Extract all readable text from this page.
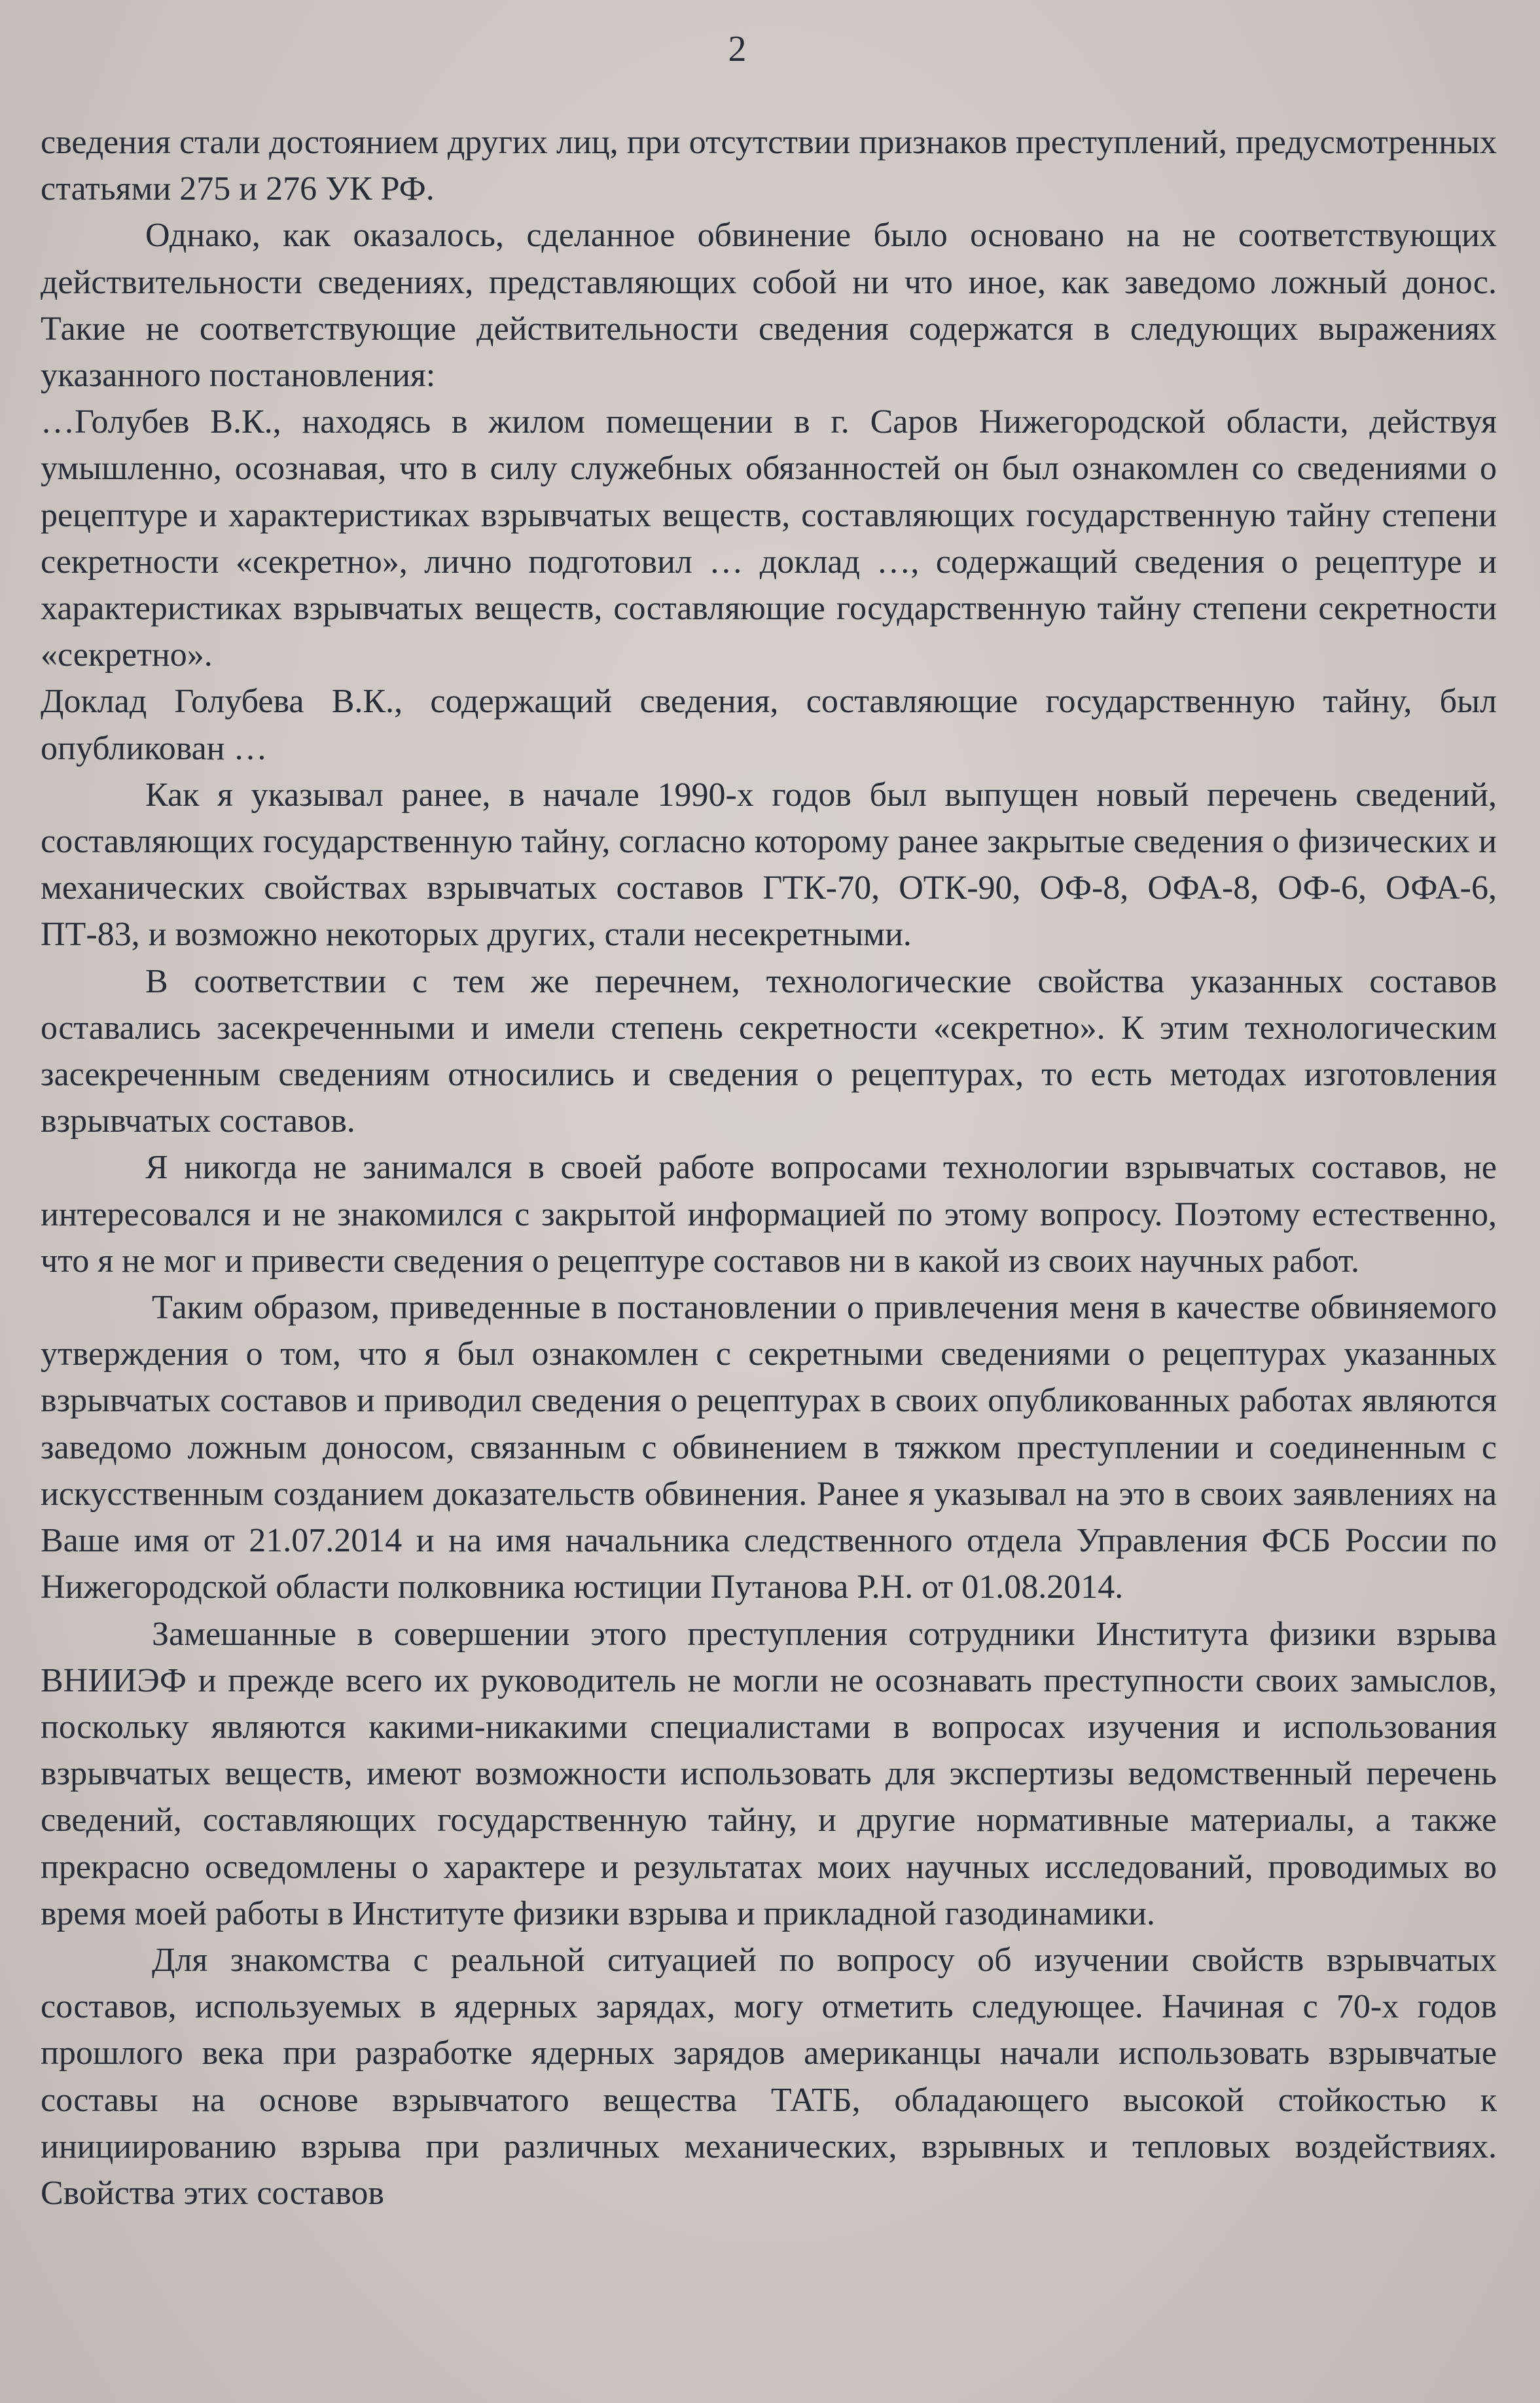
2

сведения стали достоянием других лиц, при отсутствии признаков преступлений, предусмотренных статьями 275 и 276 УК РФ.

Однако, как оказалось, сделанное обвинение было основано на не соответствующих действительности сведениях, представляющих собой ни что иное, как заведомо ложный донос. Такие не соответствующие действительности сведения содержатся в следующих выражениях указанного постановления:

…Голубев В.К., находясь в жилом помещении в г. Саров Нижегородской области, действуя умышленно, осознавая, что в силу служебных обязанностей он был ознакомлен со сведениями о рецептуре и характеристиках взрывчатых веществ, составляющих государственную тайну степени секретности «секретно», лично подготовил … доклад …, содержащий сведения о рецептуре и характеристиках взрывчатых веществ, составляющие государственную тайну степени секретности «секретно».

Доклад Голубева В.К., содержащий сведения, составляющие государственную тайну, был опубликован …

Как я указывал ранее, в начале 1990-х годов был выпущен новый перечень сведений, составляющих государственную тайну, согласно которому ранее закрытые сведения о физических и механических свойствах взрывчатых составов ГТК-70, ОТК-90, ОФ-8, ОФА-8, ОФ-6, ОФА-6, ПТ-83, и возможно некоторых других, стали несекретными.

В соответствии с тем же перечнем, технологические свойства указанных составов оставались засекреченными и имели степень секретности «секретно». К этим технологическим засекреченным сведениям относились и сведения о рецептурах, то есть методах изготовления взрывчатых составов.

Я никогда не занимался в своей работе вопросами технологии взрывчатых составов, не интересовался и не знакомился с закрытой информацией по этому вопросу. Поэтому естественно, что я не мог и привести сведения о рецептуре составов ни в какой из своих научных работ.

Таким образом, приведенные в постановлении о привлечения меня в качестве обвиняемого утверждения о том, что я был ознакомлен с секретными сведениями о рецептурах указанных взрывчатых составов и приводил сведения о рецептурах в своих опубликованных работах являются заведомо ложным доносом, связанным с обвинением в тяжком преступлении и соединенным с искусственным созданием доказательств обвинения. Ранее я указывал на это в своих заявлениях на Ваше имя от 21.07.2014 и на имя начальника следственного отдела Управления ФСБ России по Нижегородской области полковника юстиции Путанова Р.Н. от 01.08.2014.

Замешанные в совершении этого преступления сотрудники Института физики взрыва ВНИИЭФ и прежде всего их руководитель не могли не осознавать преступности своих замыслов, поскольку являются какими-никакими специалистами в вопросах изучения и использования взрывчатых веществ, имеют возможности использовать для экспертизы ведомственный перечень сведений, составляющих государственную тайну, и другие нормативные материалы, а также прекрасно осведомлены о характере и результатах моих научных исследований, проводимых во время моей работы в Институте физики взрыва и прикладной газодинамики.

Для знакомства с реальной ситуацией по вопросу об изучении свойств взрывчатых составов, используемых в ядерных зарядах, могу отметить следующее. Начиная с 70-х годов прошлого века при разработке ядерных зарядов американцы начали использовать взрывчатые составы на основе взрывчатого вещества ТАТБ, обладающего высокой стойкостью к инициированию взрыва при различных механических, взрывных и тепловых воздействиях. Свойства этих составов
